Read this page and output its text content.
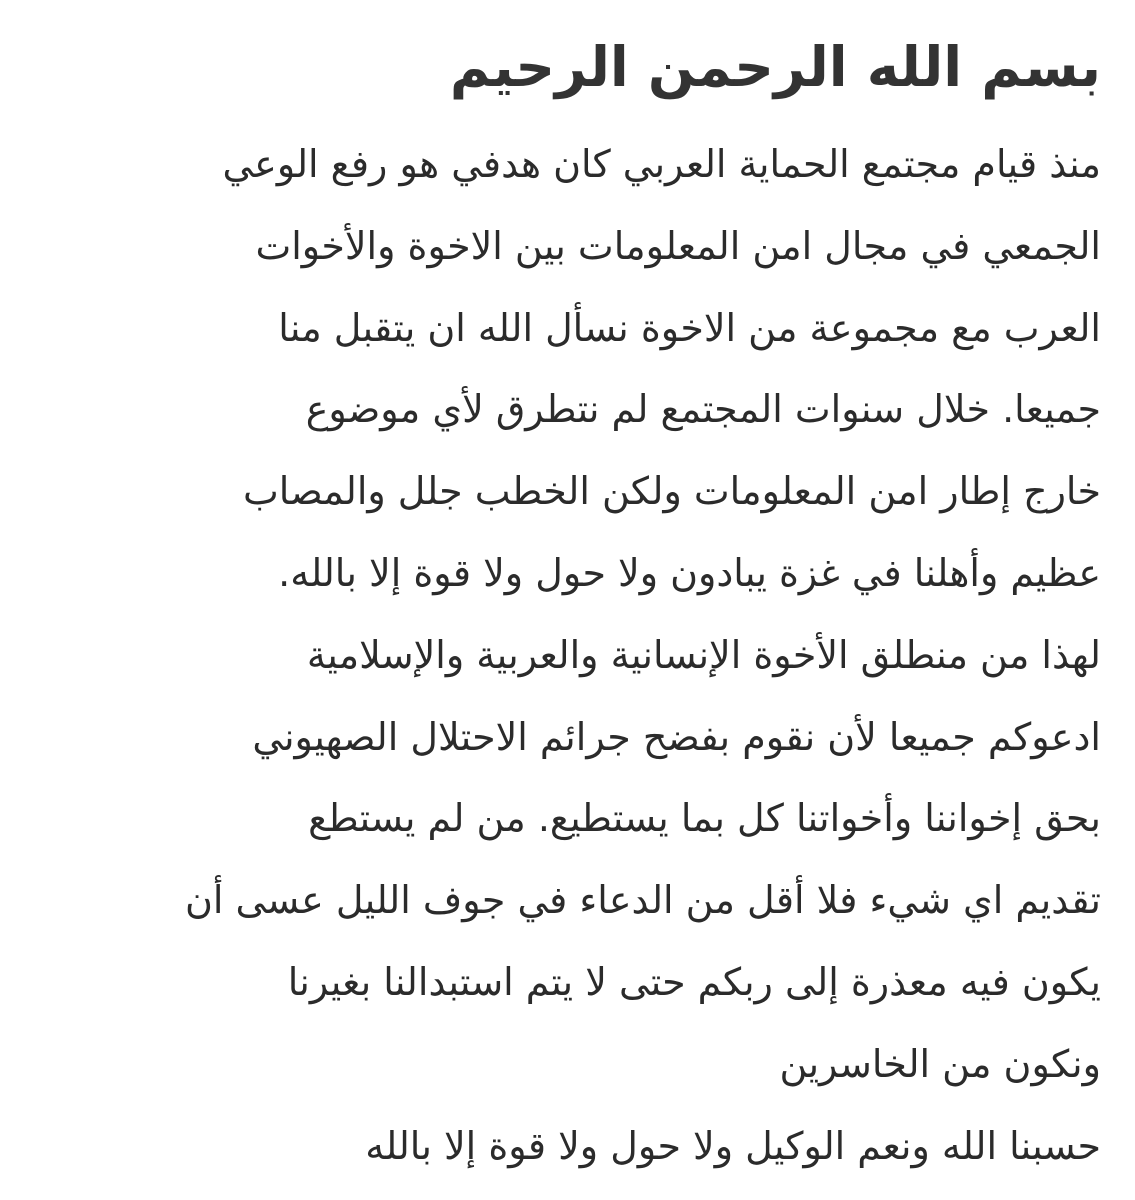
بسم الله الرحمن الرحيم
منذ قيام مجتمع الحماية العربي كان هدفي هو رفع الوعي
الجمعي في مجال امن المعلومات بين الاخوة والأخوات
العرب مع مجموعة من الاخوة نسأل الله ان يتقبل منا
جميعا. خلال سنوات المجتمع لم نتطرق لأي موضوع
خارج إطار امن المعلومات ولكن الخطب جلل والمصاب
عظيم وأهلنا في غزة يبادون ولا حول ولا قوة إلا بالله.
لهذا من منطلق الأخوة الإنسانية والعربية والإسلامية
ادعوكم جميعا لأن نقوم بفضح جرائم الاحتلال الصهيوني
بحق إخواننا وأخواتنا كل بما يستطيع. من لم يستطع
تقديم اي شيء فلا أقل من الدعاء في جوف الليل عسى أن
يكون فيه معذرة إلى ربكم حتى لا يتم استبدالنا بغيرنا
ونكون من الخاسرين
حسبنا الله ونعم الوكيل ولا حول ولا قوة إلا بالله
